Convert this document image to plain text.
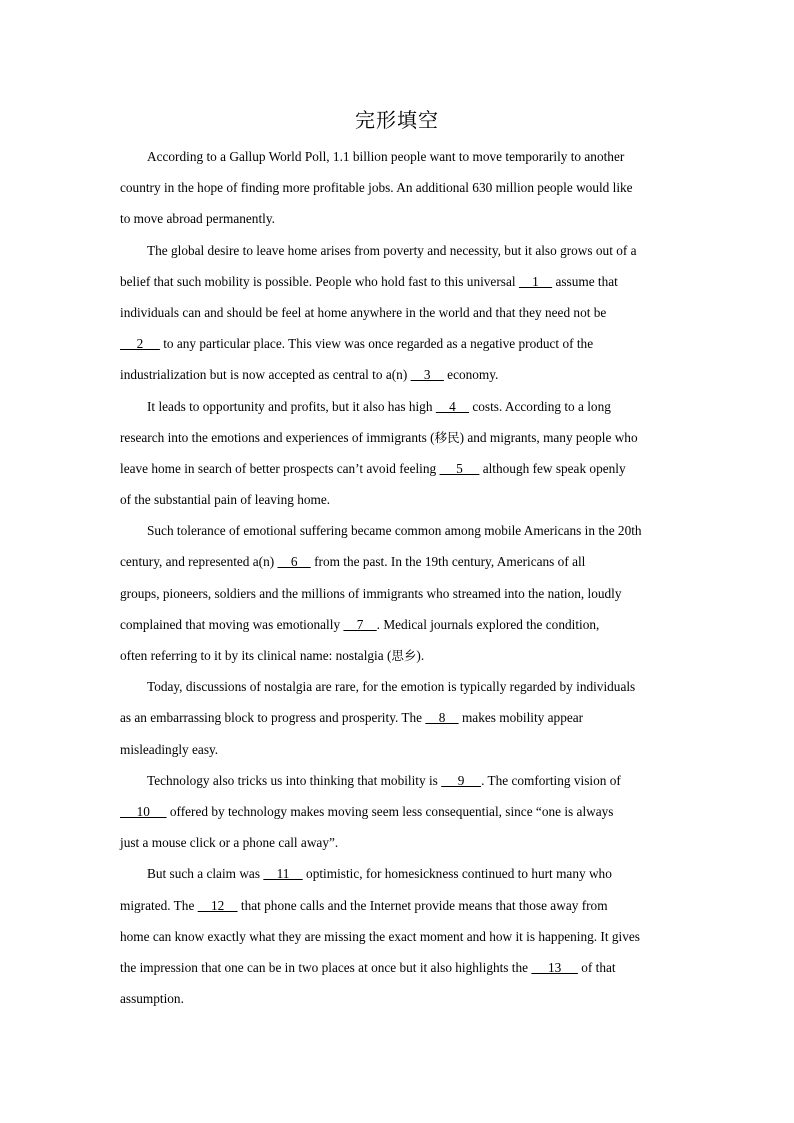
完形填空
According to a Gallup World Poll, 1.1 billion people want to move temporarily to another
country in the hope of finding more profitable jobs. An additional 630 million people would like
to move abroad permanently.
The global desire to leave home arises from poverty and necessity, but it also grows out of a
belief that such mobility is possible. People who hold fast to this universal     1     assume that
individuals can and should be feel at home anywhere in the world and that they need not be
2      to any particular place. This view was once regarded as a negative product of the
industrialization but is now accepted as central to a(n)     3     economy.
It leads to opportunity and profits, but it also has high     4     costs. According to a long
research into the emotions and experiences of immigrants (移民) and migrants, many people who
leave home in search of better prospects can’t avoid feeling      5      although few speak openly
of the substantial pain of leaving home.
Such tolerance of emotional suffering became common among mobile Americans in the 20th
century, and represented a(n)     6     from the past. In the 19th century, Americans of all
groups, pioneers, soldiers and the millions of immigrants who streamed into the nation, loudly
complained that moving was emotionally     7    . Medical journals explored the condition,
often referring to it by its clinical name: nostalgia (思乡).
Today, discussions of nostalgia are rare, for the emotion is typically regarded by individuals
as an embarrassing block to progress and prosperity. The     8     makes mobility appear
misleadingly easy.
Technology also tricks us into thinking that mobility is      9     . The comforting vision of
10      offered by technology makes moving seem less consequential, since “one is always
just a mouse click or a phone call away”.
But such a claim was     11     optimistic, for homesickness continued to hurt many who
migrated. The     12     that phone calls and the Internet provide means that those away from
home can know exactly what they are missing the exact moment and how it is happening. It gives
the impression that one can be in two places at once but it also highlights the      13      of that
assumption.
